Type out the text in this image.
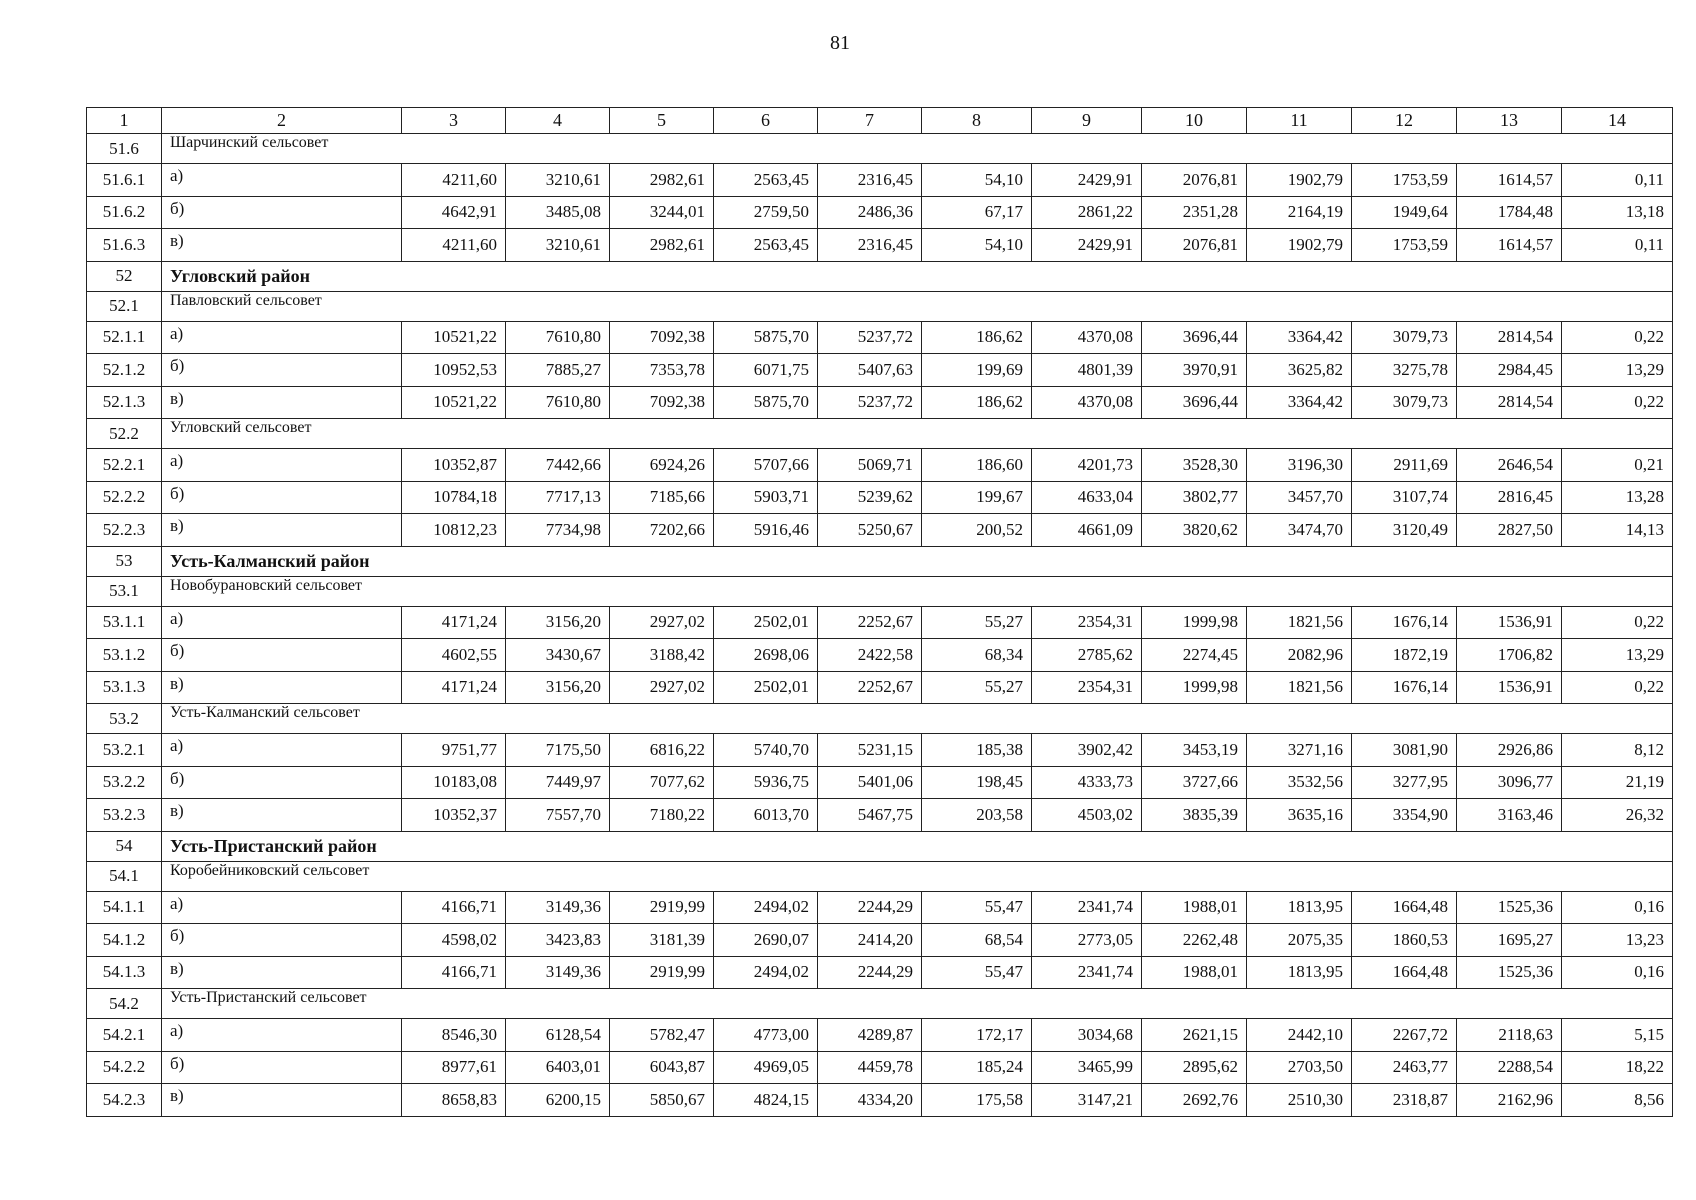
81
1	2	3	4	5	6	7	8	9	10	11	12	13	14
51.6	Шарчинский сельсовет												
51.6.1	а)	4211,60	3210,61	2982,61	2563,45	2316,45	54,10	2429,91	2076,81	1902,79	1753,59	1614,57	0,11
51.6.2	б)	4642,91	3485,08	3244,01	2759,50	2486,36	67,17	2861,22	2351,28	2164,19	1949,64	1784,48	13,18
51.6.3	в)	4211,60	3210,61	2982,61	2563,45	2316,45	54,10	2429,91	2076,81	1902,79	1753,59	1614,57	0,11
52	Угловский район												
52.1	Павловский сельсовет												
52.1.1	а)	10521,22	7610,80	7092,38	5875,70	5237,72	186,62	4370,08	3696,44	3364,42	3079,73	2814,54	0,22
52.1.2	б)	10952,53	7885,27	7353,78	6071,75	5407,63	199,69	4801,39	3970,91	3625,82	3275,78	2984,45	13,29
52.1.3	в)	10521,22	7610,80	7092,38	5875,70	5237,72	186,62	4370,08	3696,44	3364,42	3079,73	2814,54	0,22
52.2	Угловский сельсовет												
52.2.1	а)	10352,87	7442,66	6924,26	5707,66	5069,71	186,60	4201,73	3528,30	3196,30	2911,69	2646,54	0,21
52.2.2	б)	10784,18	7717,13	7185,66	5903,71	5239,62	199,67	4633,04	3802,77	3457,70	3107,74	2816,45	13,28
52.2.3	в)	10812,23	7734,98	7202,66	5916,46	5250,67	200,52	4661,09	3820,62	3474,70	3120,49	2827,50	14,13
53	Усть-Калманский район												
53.1	Новобурановский сельсовет												
53.1.1	а)	4171,24	3156,20	2927,02	2502,01	2252,67	55,27	2354,31	1999,98	1821,56	1676,14	1536,91	0,22
53.1.2	б)	4602,55	3430,67	3188,42	2698,06	2422,58	68,34	2785,62	2274,45	2082,96	1872,19	1706,82	13,29
53.1.3	в)	4171,24	3156,20	2927,02	2502,01	2252,67	55,27	2354,31	1999,98	1821,56	1676,14	1536,91	0,22
53.2	Усть-Калманский сельсовет												
53.2.1	а)	9751,77	7175,50	6816,22	5740,70	5231,15	185,38	3902,42	3453,19	3271,16	3081,90	2926,86	8,12
53.2.2	б)	10183,08	7449,97	7077,62	5936,75	5401,06	198,45	4333,73	3727,66	3532,56	3277,95	3096,77	21,19
53.2.3	в)	10352,37	7557,70	7180,22	6013,70	5467,75	203,58	4503,02	3835,39	3635,16	3354,90	3163,46	26,32
54	Усть-Пристанский район												
54.1	Коробейниковский сельсовет												
54.1.1	а)	4166,71	3149,36	2919,99	2494,02	2244,29	55,47	2341,74	1988,01	1813,95	1664,48	1525,36	0,16
54.1.2	б)	4598,02	3423,83	3181,39	2690,07	2414,20	68,54	2773,05	2262,48	2075,35	1860,53	1695,27	13,23
54.1.3	в)	4166,71	3149,36	2919,99	2494,02	2244,29	55,47	2341,74	1988,01	1813,95	1664,48	1525,36	0,16
54.2	Усть-Пристанский сельсовет												
54.2.1	а)	8546,30	6128,54	5782,47	4773,00	4289,87	172,17	3034,68	2621,15	2442,10	2267,72	2118,63	5,15
54.2.2	б)	8977,61	6403,01	6043,87	4969,05	4459,78	185,24	3465,99	2895,62	2703,50	2463,77	2288,54	18,22
54.2.3	в)	8658,83	6200,15	5850,67	4824,15	4334,20	175,58	3147,21	2692,76	2510,30	2318,87	2162,96	8,56
